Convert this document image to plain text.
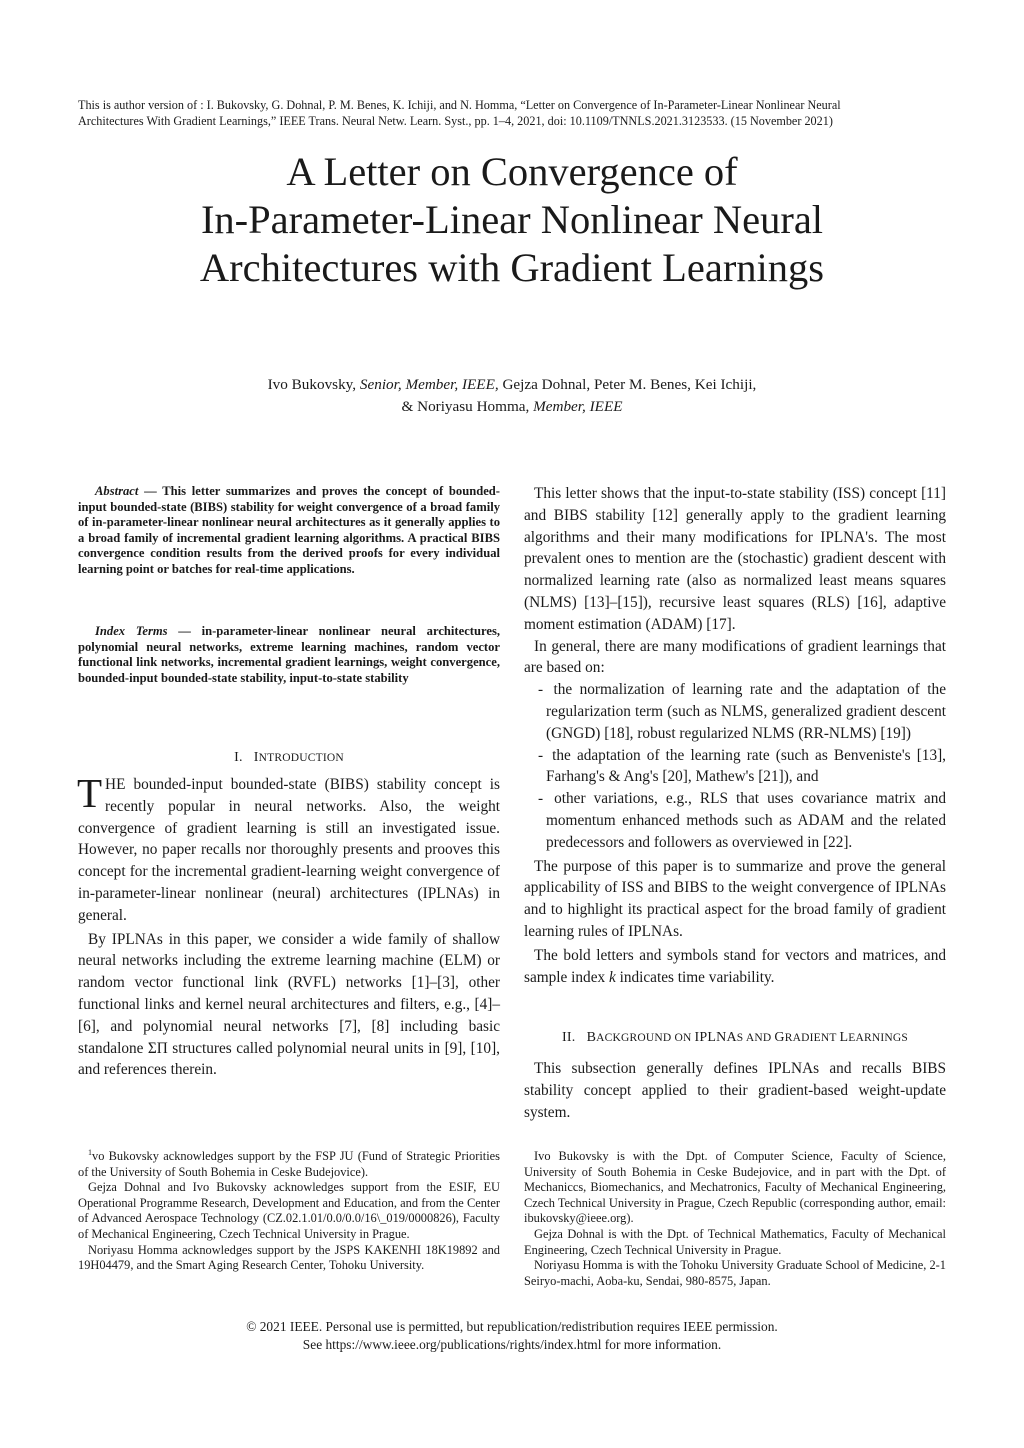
This is author version of : I. Bukovsky, G. Dohnal, P. M. Benes, K. Ichiji, and N. Homma, “Letter on Convergence of In-Parameter-Linear Nonlinear Neural
Architectures With Gradient Learnings,” IEEE Trans. Neural Netw. Learn. Syst., pp. 1–4, 2021, doi: 10.1109/TNNLS.2021.3123533. (15 November 2021)
A Letter on Convergence of
In-Parameter-Linear Nonlinear Neural
Architectures with Gradient Learnings
Ivo Bukovsky, Senior, Member, IEEE, Gejza Dohnal, Peter M. Benes, Kei Ichiji,
& Noriyasu Homma, Member, IEEE
Abstract — This letter summarizes and proves the concept of bounded-input bounded-state (BIBS) stability for weight convergence of a broad family of in-parameter-linear nonlinear neural architectures as it generally applies to a broad family of incremental gradient learning algorithms. A practical BIBS convergence condition results from the derived proofs for every individual learning point or batches for real-time applications.
Index Terms — in-parameter-linear nonlinear neural architectures, polynomial neural networks, extreme learning machines, random vector functional link networks, incremental gradient learnings, weight convergence, bounded-input bounded-state stability, input-to-state stability
I. INTRODUCTION

THE bounded-input bounded-state (BIBS) stability concept is recently popular in neural networks. Also, the weight convergence of gradient learning is still an investigated issue. However, no paper recalls nor thoroughly presents and prooves this concept for the incremental gradient-learning weight convergence of in-parameter-linear nonlinear (neural) architectures (IPLNAs) in general.

By IPLNAs in this paper, we consider a wide family of shallow neural networks including the extreme learning machine (ELM) or random vector functional link (RVFL) networks [1]–[3], other functional links and kernel neural architectures and filters, e.g., [4]–[6], and polynomial neural networks [7], [8] including basic standalone ΣΠ structures called polynomial neural units in [9], [10], and references therein.

This letter shows that the input-to-state stability (ISS) concept [11] and BIBS stability [12] generally apply to the gradient learning algorithms and their many modifications for IPLNA's. The most prevalent ones to mention are the (stochastic) gradient descent with normalized learning rate (also as normalized least means squares (NLMS) [13]–[15]), recursive least squares (RLS) [16], adaptive moment estimation (ADAM) [17].

In general, there are many modifications of gradient learnings that are based on:

- the normalization of learning rate and the adaptation of the regularization term (such as NLMS, generalized gradient descent (GNGD) [18], robust regularized NLMS (RR-NLMS) [19])
- the adaptation of the learning rate (such as Benveniste's [13], Farhang's & Ang's [20], Mathew's [21]), and
- other variations, e.g., RLS that uses covariance matrix and momentum enhanced methods such as ADAM and the related predecessors and followers as overviewed in [22].

The purpose of this paper is to summarize and prove the general applicability of ISS and BIBS to the weight convergence of IPLNAs and to highlight its practical aspect for the broad family of gradient learning rules of IPLNAs.

The bold letters and symbols stand for vectors and matrices, and sample index k indicates time variability.

II. BACKGROUND ON IPLNAS AND GRADIENT LEARNINGS

This subsection generally defines IPLNAs and recalls BIBS stability concept applied to their gradient-based weight-update system.

$^1$vo Bukovsky acknowledges support by the FSP JU (Fund of Strategic Priorities of the University of South Bohemia in Ceske Budejovice).

Gejza Dohnal and Ivo Bukovsky acknowledges support from the ESIF, EU Operational Programme Research, Development and Education, and from the Center of Advanced Aerospace Technology (CZ.02.1.01/0.0/0.0/16\_019/0000826), Faculty of Mechanical Engineering, Czech Technical University in Prague.

Noriyasu Homma acknowledges support by the JSPS KAKENHI 18K19892 and 19H04479, and the Smart Aging Research Center, Tohoku University.

Ivo Bukovsky is with the Dpt. of Computer Science, Faculty of Science, University of South Bohemia in Ceske Budejovice, and in part with the Dpt. of Mechaniccs, Biomechanics, and Mechatronics, Faculty of Mechanical Engineering, Czech Technical University in Prague, Czech Republic (corresponding author, email: ibukovsky@ieee.org).

Gejza Dohnal is with the Dpt. of Technical Mathematics, Faculty of Mechanical Engineering, Czech Technical University in Prague.

Noriyasu Homma is with the Tohoku University Graduate School of Medicine, 2-1 Seiryo-machi, Aoba-ku, Sendai, 980-8575, Japan.

© 2021 IEEE. Personal use is permitted, but republication/redistribution requires IEEE permission.
See https://www.ieee.org/publications/rights/index.html for more information.
